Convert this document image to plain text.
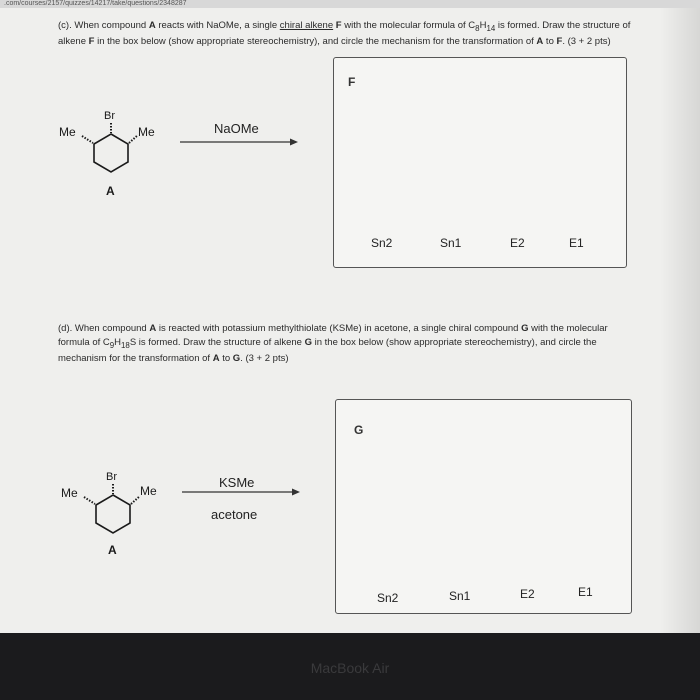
.com/courses/2157/quizzes/14217/take/questions/2348287

(c). When compound A reacts with NaOMe, a single chiral alkene F with the molecular formula of $C_8H_{14}$ is formed. Draw the structure of alkene F in the box below (show appropriate stereochemistry), and circle the mechanism for the transformation of A to F. (3 + 2 pts)

Br
Me	Me
A
NaOMe
F
Sn2	Sn1	E2	E1

(d). When compound A is reacted with potassium methylthiolate (KSMe) in acetone, a single chiral compound G with the molecular formula of $C_9H_{18}S$ is formed. Draw the structure of alkene G in the box below (show appropriate stereochemistry), and circle the mechanism for the transformation of A to G. (3 + 2 pts)

Br
Me	Me
A
KSMe
acetone
G
Sn2	Sn1	E2	E1
MacBook Air
